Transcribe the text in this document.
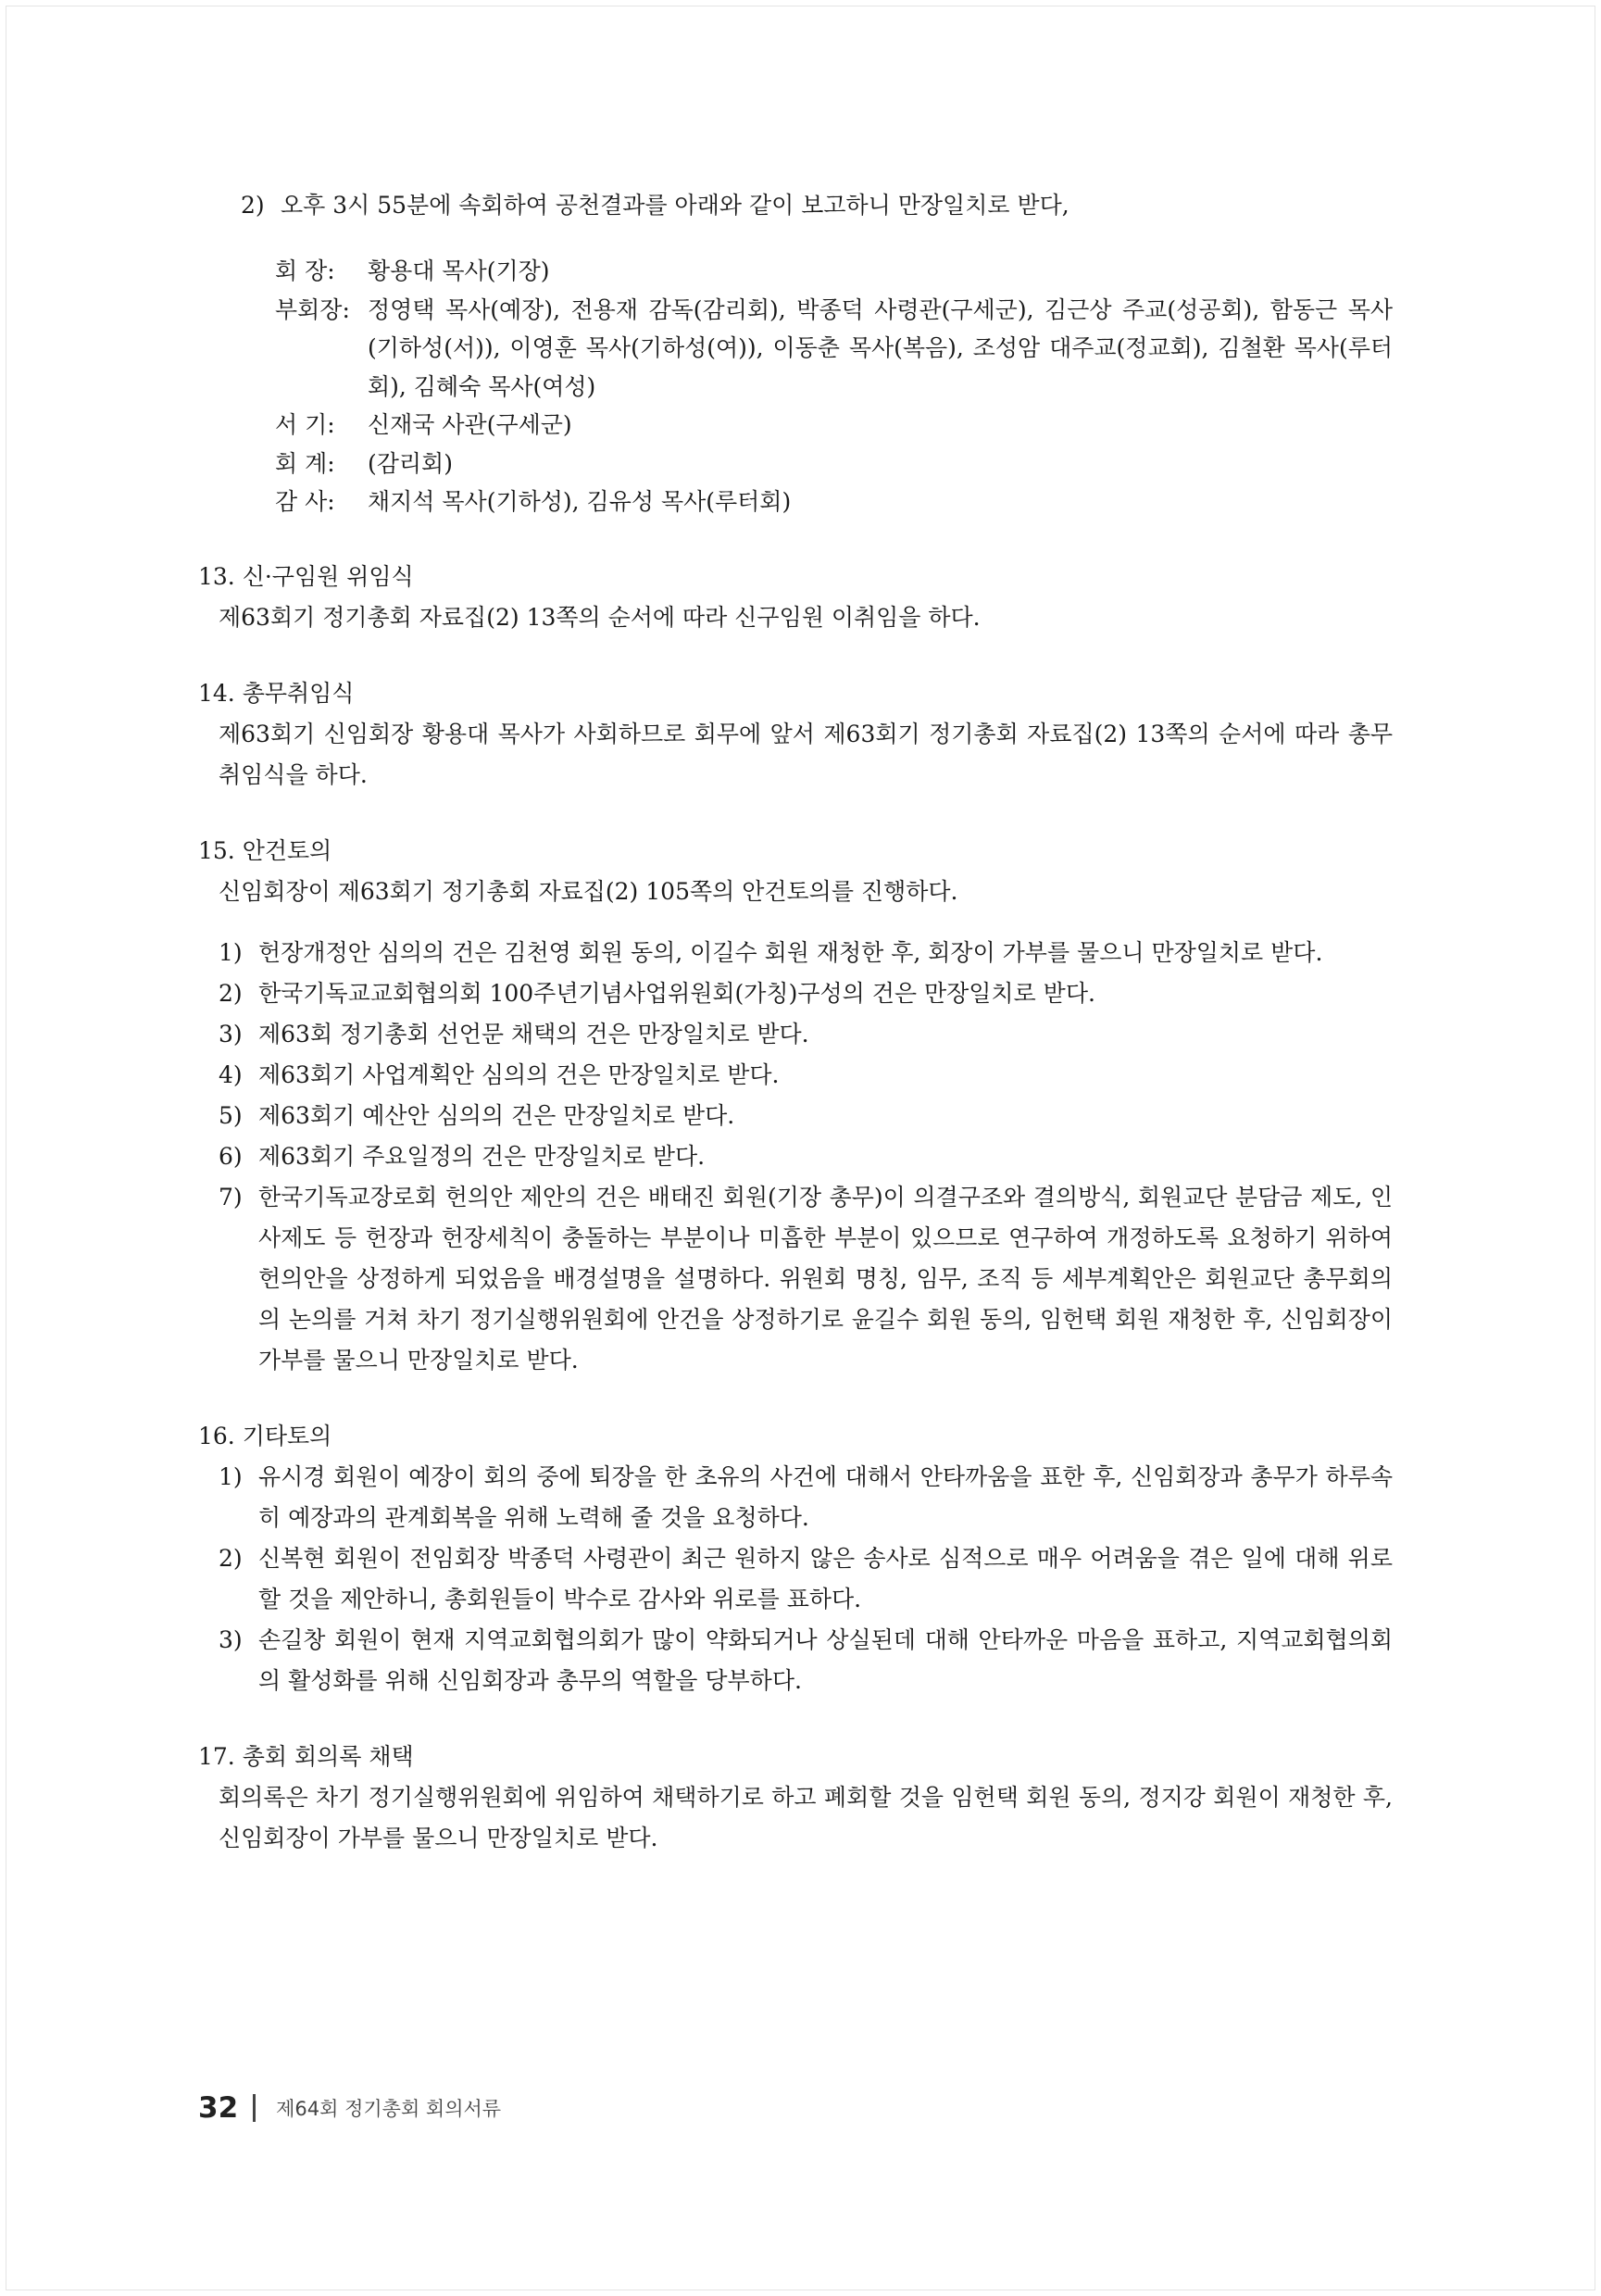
2) 오후 3시 55분에 속회하여 공천결과를 아래와 같이 보고하니 만장일치로 받다,
회 장:	황용대 목사(기장)
부회장: 정영택 목사(예장), 전용재 감독(감리회), 박종덕 사령관(구세군), 김근상 주교(성공회), 함동근 목사(기하성(서)), 이영훈 목사(기하성(여)), 이동춘 목사(복음), 조성암 대주교(정교회), 김철환 목사(루터회), 김혜숙 목사(여성)
서 기:	신재국 사관(구세군)
회 계:	(감리회)
감 사:	채지석 목사(기하성), 김유성 목사(루터회)
13. 신·구임원 위임식
제63회기 정기총회 자료집(2) 13쪽의 순서에 따라 신구임원 이취임을 하다.
14. 총무취임식
제63회기 신임회장 황용대 목사가 사회하므로 회무에 앞서 제63회기 정기총회 자료집(2) 13쪽의 순서에 따라 총무취임식을 하다.
15. 안건토의
신임회장이 제63회기 정기총회 자료집(2) 105쪽의 안건토의를 진행하다.
1) 헌장개정안 심의의 건은 김천영 회원 동의, 이길수 회원 재청한 후, 회장이 가부를 물으니 만장일치로 받다.
2) 한국기독교교회협의회 100주년기념사업위원회(가칭)구성의 건은 만장일치로 받다.
3) 제63회 정기총회 선언문 채택의 건은 만장일치로 받다.
4) 제63회기 사업계획안 심의의 건은 만장일치로 받다.
5) 제63회기 예산안 심의의 건은 만장일치로 받다.
6) 제63회기 주요일정의 건은 만장일치로 받다.
7) 한국기독교장로회 헌의안 제안의 건은 배태진 회원(기장 총무)이 의결구조와 결의방식, 회원교단 분담금 제도, 인사제도 등 헌장과 헌장세칙이 충돌하는 부분이나 미흡한 부분이 있으므로 연구하여 개정하도록 요청하기 위하여 헌의안을 상정하게 되었음을 배경설명을 설명하다. 위원회 명칭, 임무, 조직 등 세부계획안은 회원교단 총무회의의 논의를 거쳐 차기 정기실행위원회에 안건을 상정하기로 윤길수 회원 동의, 임헌택 회원 재청한 후, 신임회장이 가부를 물으니 만장일치로 받다.
16. 기타토의
1) 유시경 회원이 예장이 회의 중에 퇴장을 한 초유의 사건에 대해서 안타까움을 표한 후, 신임회장과 총무가 하루속히 예장과의 관계회복을 위해 노력해 줄 것을 요청하다.
2) 신복현 회원이 전임회장 박종덕 사령관이 최근 원하지 않은 송사로 심적으로 매우 어려움을 겪은 일에 대해 위로할 것을 제안하니, 총회원들이 박수로 감사와 위로를 표하다.
3) 손길창 회원이 현재 지역교회협의회가 많이 약화되거나 상실된데 대해 안타까운 마음을 표하고, 지역교회협의회의 활성화를 위해 신임회장과 총무의 역할을 당부하다.
17. 총회 회의록 채택
회의록은 차기 정기실행위원회에 위임하여 채택하기로 하고 폐회할 것을 임헌택 회원 동의, 정지강 회원이 재청한 후, 신임회장이 가부를 물으니 만장일치로 받다.
32 제64회 정기총회 회의서류
